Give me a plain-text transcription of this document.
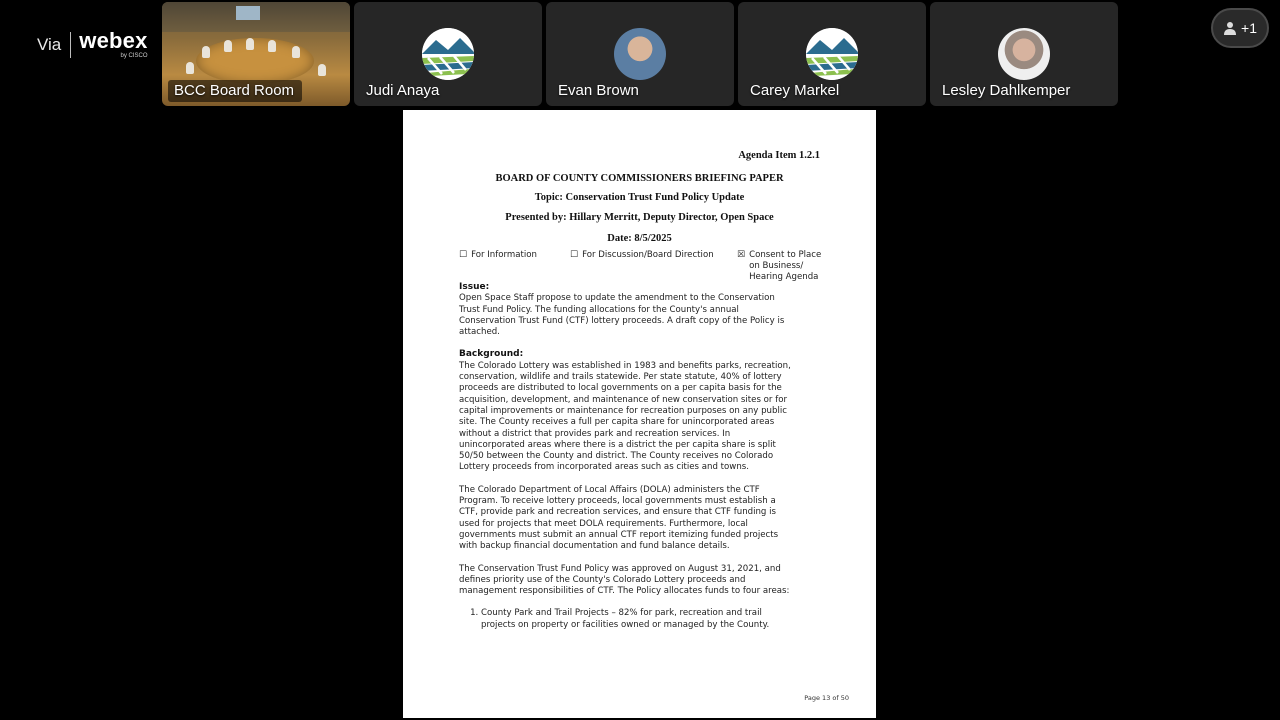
Via webex
by CISCO
BCC Board Room	Judi Anaya	Evan Brown	Carey Markel	Lesley Dahlkemper
+1
Agenda Item 1.2.1
BOARD OF COUNTY COMMISSIONERS BRIEFING PAPER
Topic: Conservation Trust Fund Policy Update
Presented by: Hillary Merritt, Deputy Director, Open Space
Date: 8/5/2025
☐ For Information	☐ For Discussion/Board Direction	☒ Consent to Place on Business/ Hearing Agenda
Issue:

Open Space Staff propose to update the amendment to the Conservation
Trust Fund Policy. The funding allocations for the County's annual
Conservation Trust Fund (CTF) lottery proceeds. A draft copy of the Policy is
attached.

Background:

The Colorado Lottery was established in 1983 and benefits parks, recreation,
conservation, wildlife and trails statewide. Per state statute, 40% of lottery
proceeds are distributed to local governments on a per capita basis for the
acquisition, development, and maintenance of new conservation sites or for
capital improvements or maintenance for recreation purposes on any public
site. The County receives a full per capita share for unincorporated areas
without a district that provides park and recreation services. In
unincorporated areas where there is a district the per capita share is split
50/50 between the County and district. The County receives no Colorado
Lottery proceeds from incorporated areas such as cities and towns.

The Colorado Department of Local Affairs (DOLA) administers the CTF
Program. To receive lottery proceeds, local governments must establish a
CTF, provide park and recreation services, and ensure that CTF funding is
used for projects that meet DOLA requirements. Furthermore, local
governments must submit an annual CTF report itemizing funded projects
with backup financial documentation and fund balance details.

The Conservation Trust Fund Policy was approved on August 31, 2021, and
defines priority use of the County's Colorado Lottery proceeds and
management responsibilities of CTF. The Policy allocates funds to four areas:

1. County Park and Trail Projects – 82% for park, recreation and trail
projects on property or facilities owned or managed by the County.
Page 13 of 50
